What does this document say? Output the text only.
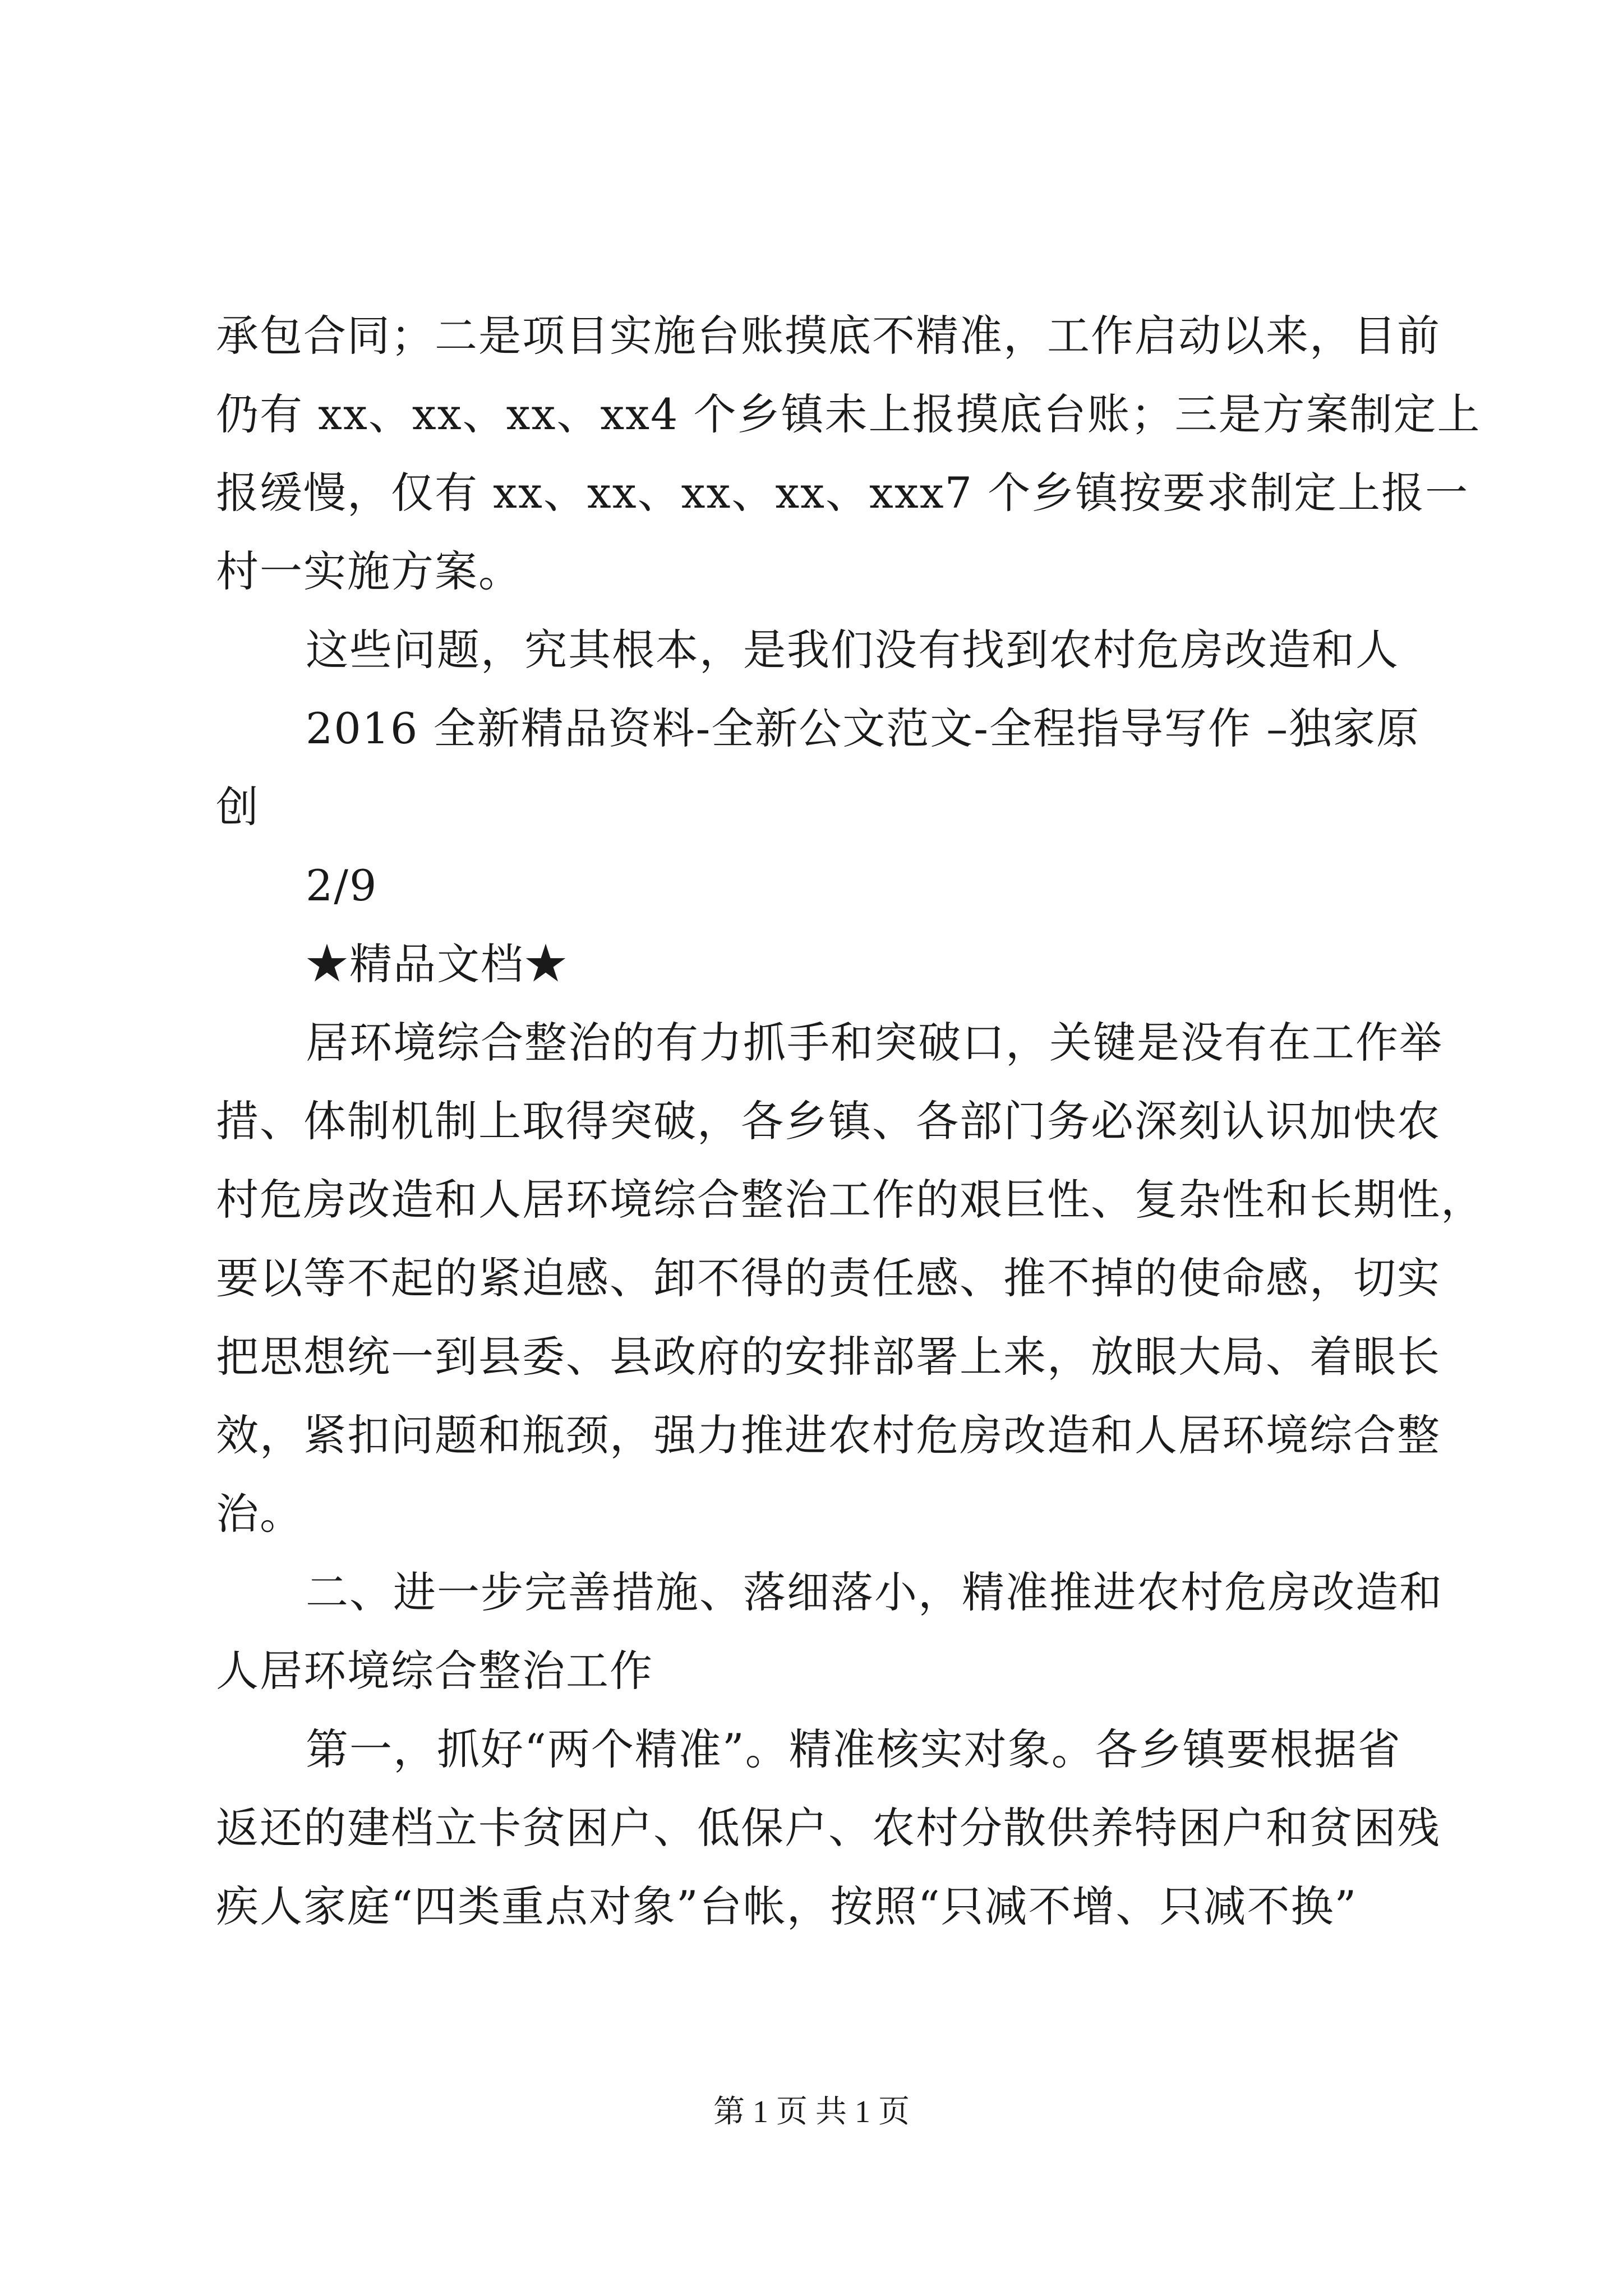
承包合同；二是项目实施台账摸底不精准，工作启动以来，目前
仍有 xx、xx、xx、xx4 个乡镇未上报摸底台账；三是方案制定上
报缓慢，仅有 xx、xx、xx、xx、xxx7 个乡镇按要求制定上报一
村一实施方案。
这些问题，究其根本，是我们没有找到农村危房改造和人
2016 全新精品资料-全新公文范文-全程指导写作 –独家原
创
2/9
★精品文档★
居环境综合整治的有力抓手和突破口，关键是没有在工作举
措、体制机制上取得突破，各乡镇、各部门务必深刻认识加快农
村危房改造和人居环境综合整治工作的艰巨性、复杂性和长期性，
要以等不起的紧迫感、卸不得的责任感、推不掉的使命感，切实
把思想统一到县委、县政府的安排部署上来，放眼大局、着眼长
效，紧扣问题和瓶颈，强力推进农村危房改造和人居环境综合整
治。
二、进一步完善措施、落细落小，精准推进农村危房改造和
人居环境综合整治工作
第一，抓好“两个精准”。精准核实对象。各乡镇要根据省
返还的建档立卡贫困户、低保户、农村分散供养特困户和贫困残
疾人家庭“四类重点对象”台帐，按照“只减不增、只减不换”
第 1 页 共 1 页
